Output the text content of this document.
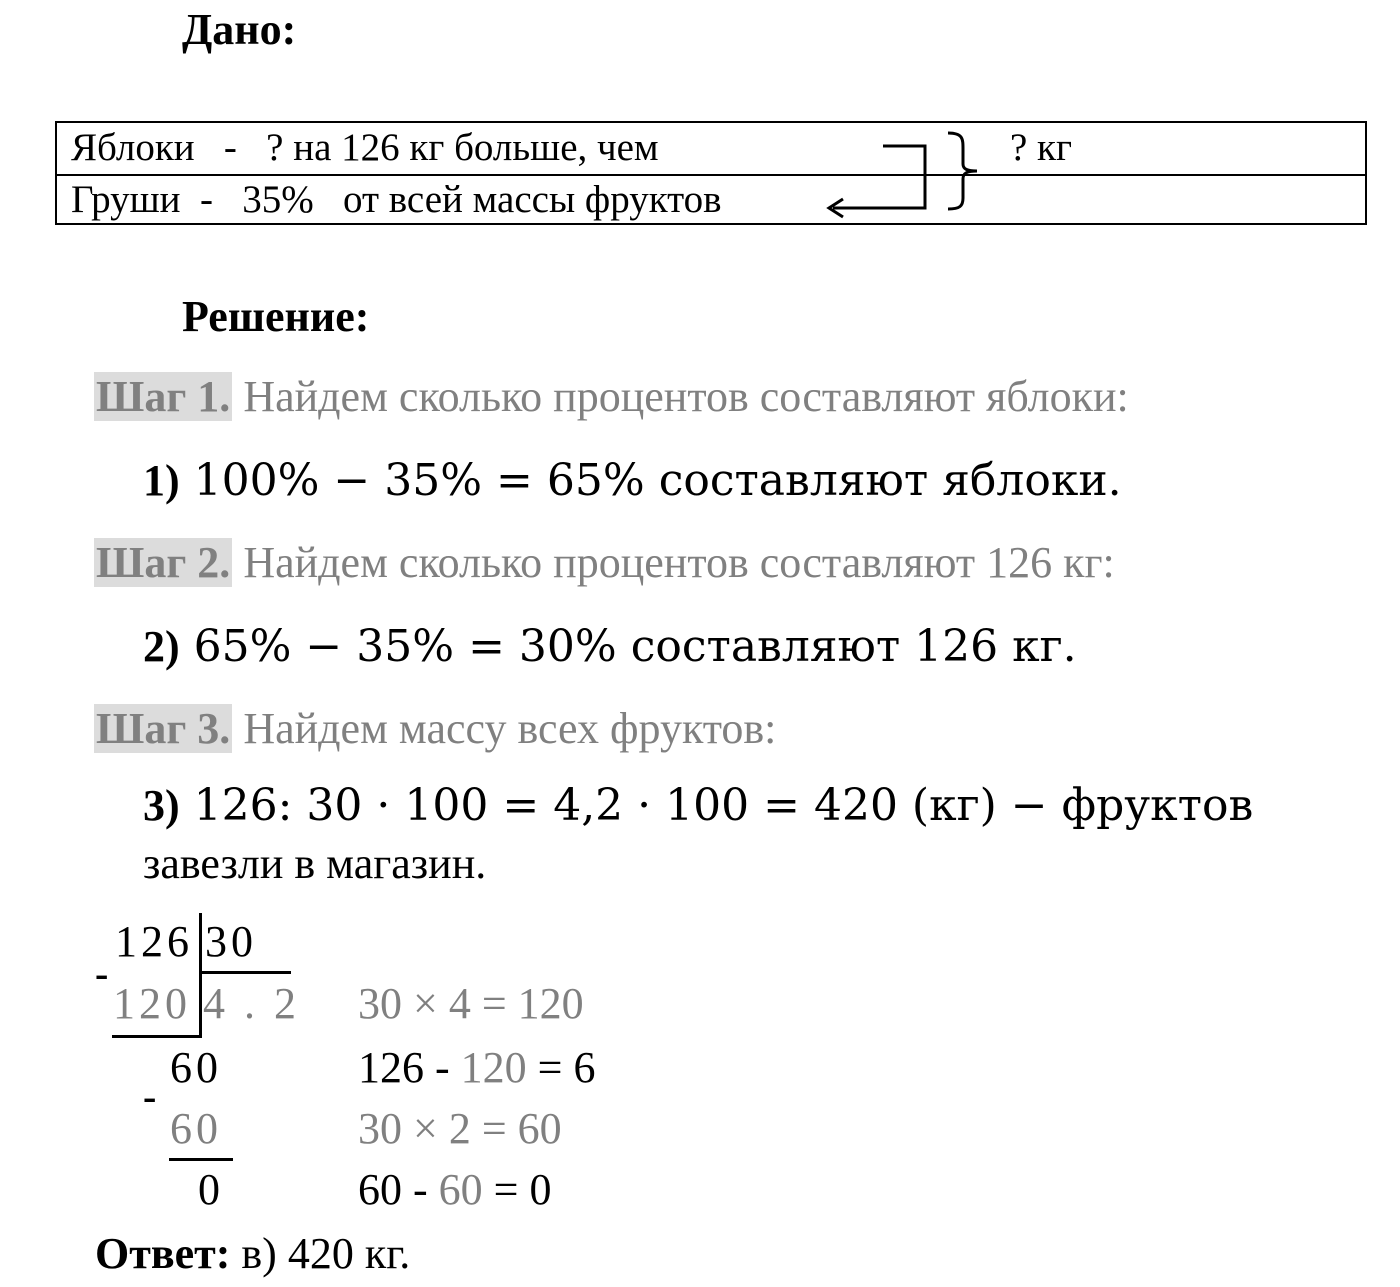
Дано:
Яблоки   -   ? на 126 кг больше, чем
Груши  -   35%   от всей массы фруктов
? кг
Решение:
Шаг 1. Найдем сколько процентов составляют яблоки:
1) 100% − 35% = 65% составляют яблоки.
Шаг 2. Найдем сколько процентов составляют 126 кг:
2) 65% − 35% = 30% составляют 126 кг.
Шаг 3. Найдем массу всех фруктов:
3) 126: 30 · 100 = 4,2 · 100 = 420 (кг) − фруктов
завезли в магазин.
126 30
120 4 . 2
60
60
0
-
-
30 × 4 = 120
126 - 120 = 6
30 × 2 = 60
60 - 60 = 0
Ответ: в) 420 кг.
